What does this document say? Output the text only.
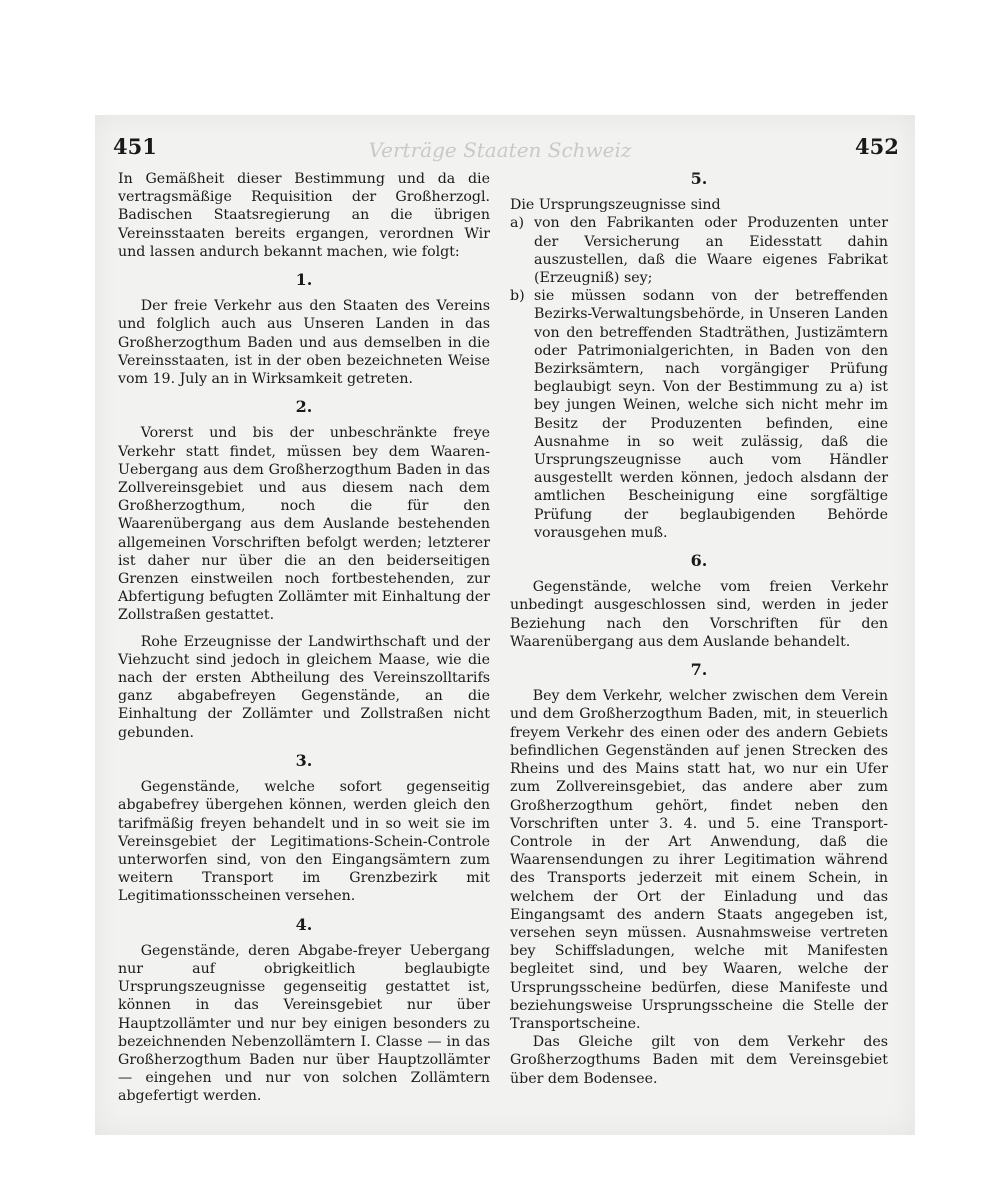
451	Verträge Staaten Schweiz	452

In Gemäßheit dieser Bestimmung und da die vertragsmäßige Requisition der Großherzogl. Badischen Staatsregierung an die übrigen Vereinsstaaten bereits ergangen, verordnen Wir und lassen andurch bekannt machen, wie folgt:

1.

Der freie Verkehr aus den Staaten des Vereins und folglich auch aus Unseren Landen in das Großherzogthum Baden und aus demselben in die Vereinsstaaten, ist in der oben bezeichneten Weise vom 19. July an in Wirksamkeit getreten.

2.

Vorerst und bis der unbeschränkte freye Verkehr statt findet, müssen bey dem Waaren-Uebergang aus dem Großherzogthum Baden in das Zollvereinsgebiet und aus diesem nach dem Großherzogthum, noch die für den Waarenübergang aus dem Auslande bestehenden allgemeinen Vorschriften befolgt werden; letzterer ist daher nur über die an den beiderseitigen Grenzen einstweilen noch fortbestehenden, zur Abfertigung befugten Zollämter mit Einhaltung der Zollstraßen gestattet.

Rohe Erzeugnisse der Landwirthschaft und der Viehzucht sind jedoch in gleichem Maase, wie die nach der ersten Abtheilung des Vereinszolltarifs ganz abgabefreyen Gegenstände, an die Einhaltung der Zollämter und Zollstraßen nicht gebunden.

3.

Gegenstände, welche sofort gegenseitig abgabefrey übergehen können, werden gleich den tarifmäßig freyen behandelt und in so weit sie im Vereinsgebiet der Legitimations-Schein-Controle unterworfen sind, von den Eingangsämtern zum weitern Transport im Grenzbezirk mit Legitimationsscheinen versehen.

4.

Gegenstände, deren Abgabe-freyer Uebergang nur auf obrigkeitlich beglaubigte Ursprungszeugnisse gegenseitig gestattet ist, können in das Vereinsgebiet nur über Hauptzollämter und nur bey einigen besonders zu bezeichnenden Nebenzollämtern I. Classe — in das Großherzogthum Baden nur über Hauptzollämter — eingehen und nur von solchen Zollämtern abgefertigt werden.

5.

Die Ursprungszeugnisse sind

a) von den Fabrikanten oder Produzenten unter der Versicherung an Eidesstatt dahin auszustellen, daß die Waare eigenes Fabrikat (Erzeugniß) sey;
b) sie müssen sodann von der betreffenden Bezirks-Verwaltungsbehörde, in Unseren Landen von den betreffenden Stadträthen, Justizämtern oder Patrimonialgerichten, in Baden von den Bezirksämtern, nach vorgängiger Prüfung beglaubigt seyn. Von der Bestimmung zu a) ist bey jungen Weinen, welche sich nicht mehr im Besitz der Produzenten befinden, eine Ausnahme in so weit zulässig, daß die Ursprungszeugnisse auch vom Händler ausgestellt werden können, jedoch alsdann der amtlichen Bescheinigung eine sorgfältige Prüfung der beglaubigenden Behörde vorausgehen muß.
6.

Gegenstände, welche vom freien Verkehr unbedingt ausgeschlossen sind, werden in jeder Beziehung nach den Vorschriften für den Waarenübergang aus dem Auslande behandelt.

7.

Bey dem Verkehr, welcher zwischen dem Verein und dem Großherzogthum Baden, mit, in steuerlich freyem Verkehr des einen oder des andern Gebiets befindlichen Gegenständen auf jenen Strecken des Rheins und des Mains statt hat, wo nur ein Ufer zum Zollvereinsgebiet, das andere aber zum Großherzogthum gehört, findet neben den Vorschriften unter 3. 4. und 5. eine Transport-Controle in der Art Anwendung, daß die Waarensendungen zu ihrer Legitimation während des Transports jederzeit mit einem Schein, in welchem der Ort der Einladung und das Eingangsamt des andern Staats angegeben ist, versehen seyn müssen. Ausnahmsweise vertreten bey Schiffsladungen, welche mit Manifesten begleitet sind, und bey Waaren, welche der Ursprungsscheine bedürfen, diese Manifeste und beziehungsweise Ursprungsscheine die Stelle der Transportscheine.

Das Gleiche gilt von dem Verkehr des Großherzogthums Baden mit dem Vereinsgebiet über dem Bodensee.
